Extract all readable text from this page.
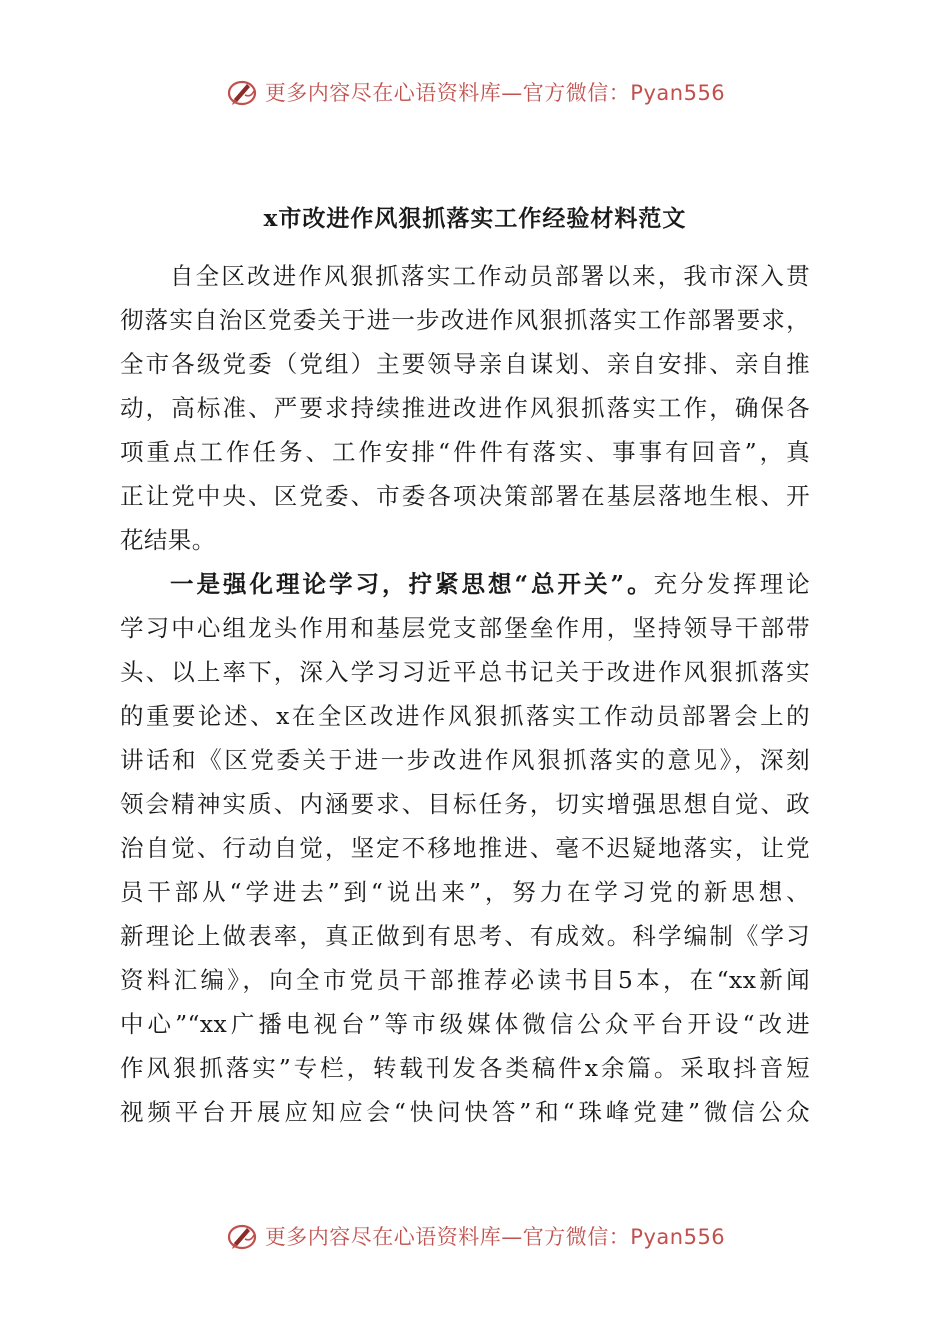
更多内容尽在心语资料库—官方微信：Pyan556
x市改进作风狠抓落实工作经验材料范文
自全区改进作风狠抓落实工作动员部署以来，我市深入贯
彻落实自治区党委关于进一步改进作风狠抓落实工作部署要求，
全市各级党委（党组）主要领导亲自谋划、亲自安排、亲自推
动，高标准、严要求持续推进改进作风狠抓落实工作，确保各
项重点工作任务、工作安排“件件有落实、事事有回音”，真
正让党中央、区党委、市委各项决策部署在基层落地生根、开
花结果。
一是强化理论学习，拧紧思想“总开关”。充分发挥理论
学习中心组龙头作用和基层党支部堡垒作用，坚持领导干部带
头、以上率下，深入学习习近平总书记关于改进作风狠抓落实
的重要论述、x在全区改进作风狠抓落实工作动员部署会上的
讲话和《区党委关于进一步改进作风狠抓落实的意见》，深刻
领会精神实质、内涵要求、目标任务，切实增强思想自觉、政
治自觉、行动自觉，坚定不移地推进、毫不迟疑地落实，让党
员干部从“学进去”到“说出来”，努力在学习党的新思想、
新理论上做表率，真正做到有思考、有成效。科学编制《学习
资料汇编》，向全市党员干部推荐必读书目5本，在“xx新闻
中心”“xx广播电视台”等市级媒体微信公众平台开设“改进
作风狠抓落实”专栏，转载刊发各类稿件x余篇。采取抖音短
视频平台开展应知应会“快问快答”和“珠峰党建”微信公众
更多内容尽在心语资料库—官方微信：Pyan556
